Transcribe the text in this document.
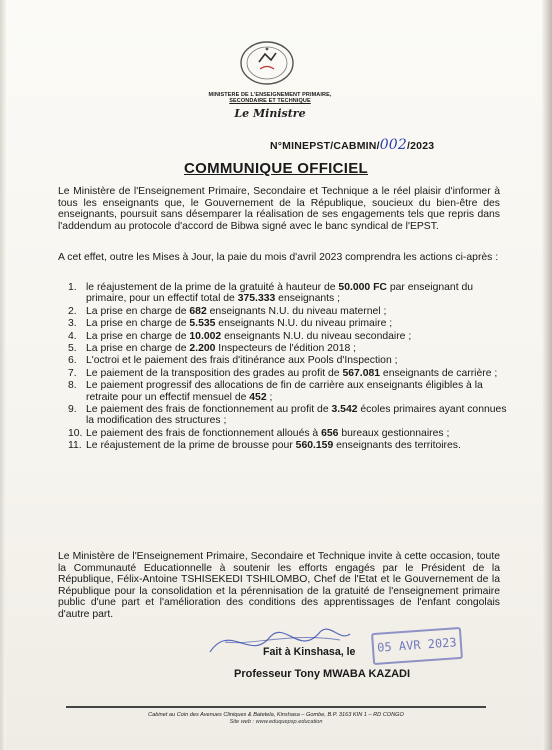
MINISTERE DE L'ENSEIGNEMENT PRIMAIRE,
SECONDAIRE ET TECHNIQUE
Le Ministre
N°MINEPST/CABMIN/002/2023
COMMUNIQUE OFFICIEL
Le Ministère de l'Enseignement Primaire, Secondaire et Technique a le réel plaisir d'informer à tous les enseignants que, le Gouvernement de la République, soucieux du bien-être des enseignants, poursuit sans désemparer la réalisation de ses engagements tels que repris dans l'addendum au protocole d'accord de Bibwa signé avec le banc syndical de l'EPST.
A cet effet, outre les Mises à Jour, la paie du mois d'avril 2023 comprendra les actions ci-après :
1. le réajustement de la prime de la gratuité à hauteur de 50.000 FC par enseignant du primaire, pour un effectif total de 375.333 enseignants ;
2. La prise en charge de 682 enseignants N.U. du niveau maternel ;
3. La prise en charge de 5.535 enseignants N.U. du niveau primaire ;
4. La prise en charge de 10.002 enseignants N.U. du niveau secondaire ;
5. La prise en charge de 2.200 Inspecteurs de l'édition 2018 ;
6. L'octroi et le paiement des frais d'itinérance aux Pools d'Inspection ;
7. Le paiement de la transposition des grades au profit de 567.081 enseignants de carrière ;
8. Le paiement progressif des allocations de fin de carrière aux enseignants éligibles à la retraite pour un effectif mensuel de 452 ;
9. Le paiement des frais de fonctionnement au profit de 3.542 écoles primaires ayant connues la modification des structures ;
10. Le paiement des frais de fonctionnement alloués à 656 bureaux gestionnaires ;
11. Le réajustement de la prime de brousse pour 560.159 enseignants des territoires.
Le Ministère de l'Enseignement Primaire, Secondaire et Technique invite à cette occasion, toute la Communauté Educationnelle à soutenir les efforts engagés par le Président de la République, Félix-Antoine TSHISEKEDI TSHILOMBO, Chef de l'Etat et le Gouvernement de la République pour la consolidation et la pérennisation de la gratuité de l'enseignement primaire public d'une part et l'amélioration des conditions des apprentissages de l'enfant congolais d'autre part.
Fait à Kinshasa, le	05 AVR 2023
Professeur Tony MWABA KAZADI
Cabinet au Coin des Avenues Cliniques & Batetela, Kinshasa – Gombe, B.P. 3163 KIN 1 – RD CONGO
Site web : www.eduquepsp.education
